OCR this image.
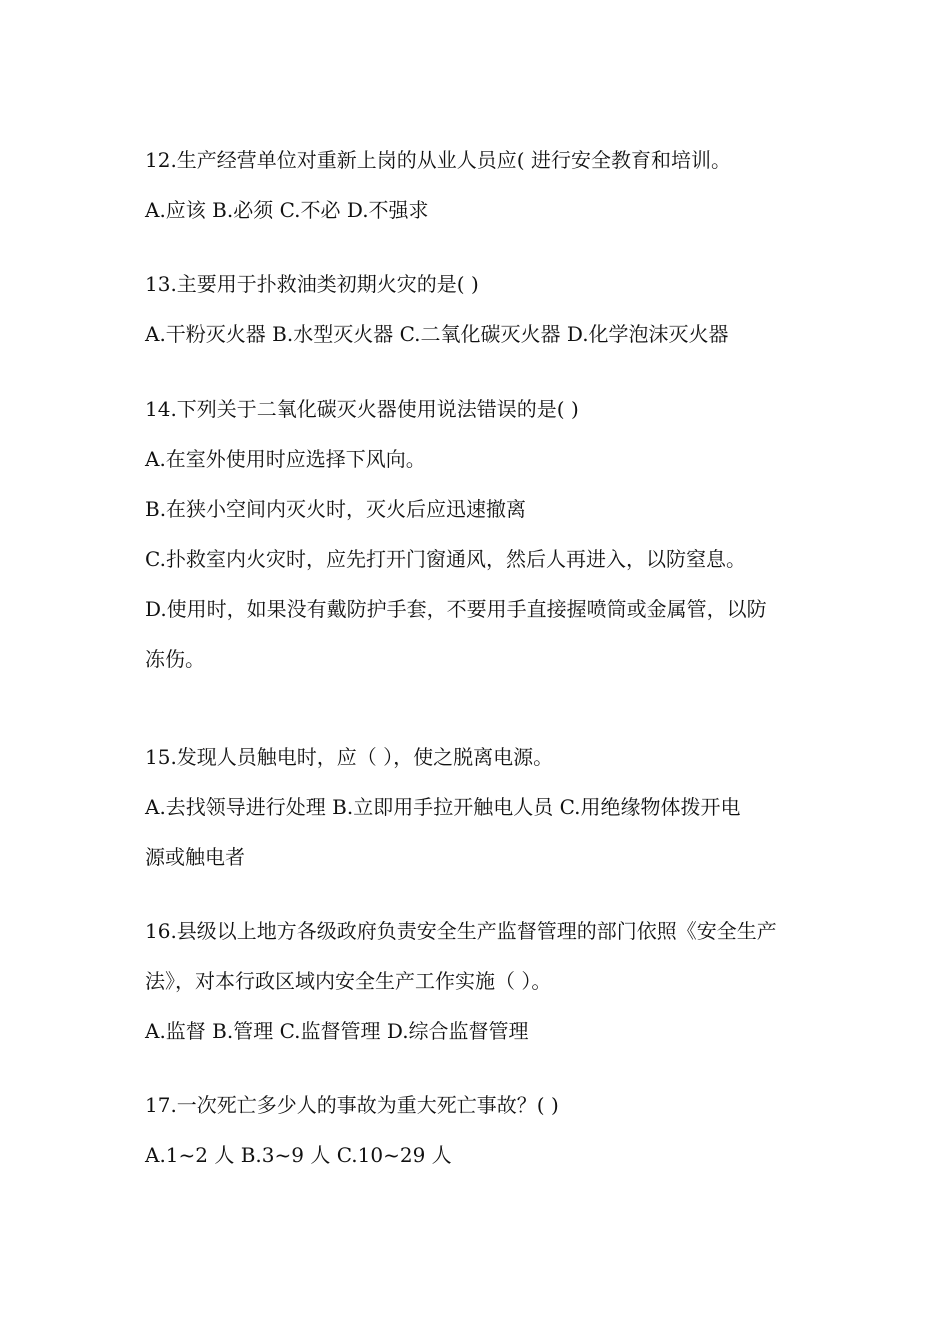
12.生产经营单位对重新上岗的从业人员应( 进行安全教育和培训。
A.应该 B.必须 C.不必 D.不强求
13.主要用于扑救油类初期火灾的是( )
A.干粉灭火器 B.水型灭火器 C.二氧化碳灭火器 D.化学泡沫灭火器
14.下列关于二氧化碳灭火器使用说法错误的是( )
A.在室外使用时应选择下风向。
B.在狭小空间内灭火时，灭火后应迅速撤离
C.扑救室内火灾时，应先打开门窗通风，然后人再进入，以防窒息。
D.使用时，如果没有戴防护手套，不要用手直接握喷筒或金属管，以防
冻伤。
15.发现人员触电时，应（ ），使之脱离电源。
A.去找领导进行处理 B.立即用手拉开触电人员 C.用绝缘物体拨开电
源或触电者
16.县级以上地方各级政府负责安全生产监督管理的部门依照《安全生产
法》，对本行政区域内安全生产工作实施（ ）。
A.监督 B.管理 C.监督管理 D.综合监督管理
17.一次死亡多少人的事故为重大死亡事故？( )
A.1~2 人 B.3~9 人 C.10~29 人
